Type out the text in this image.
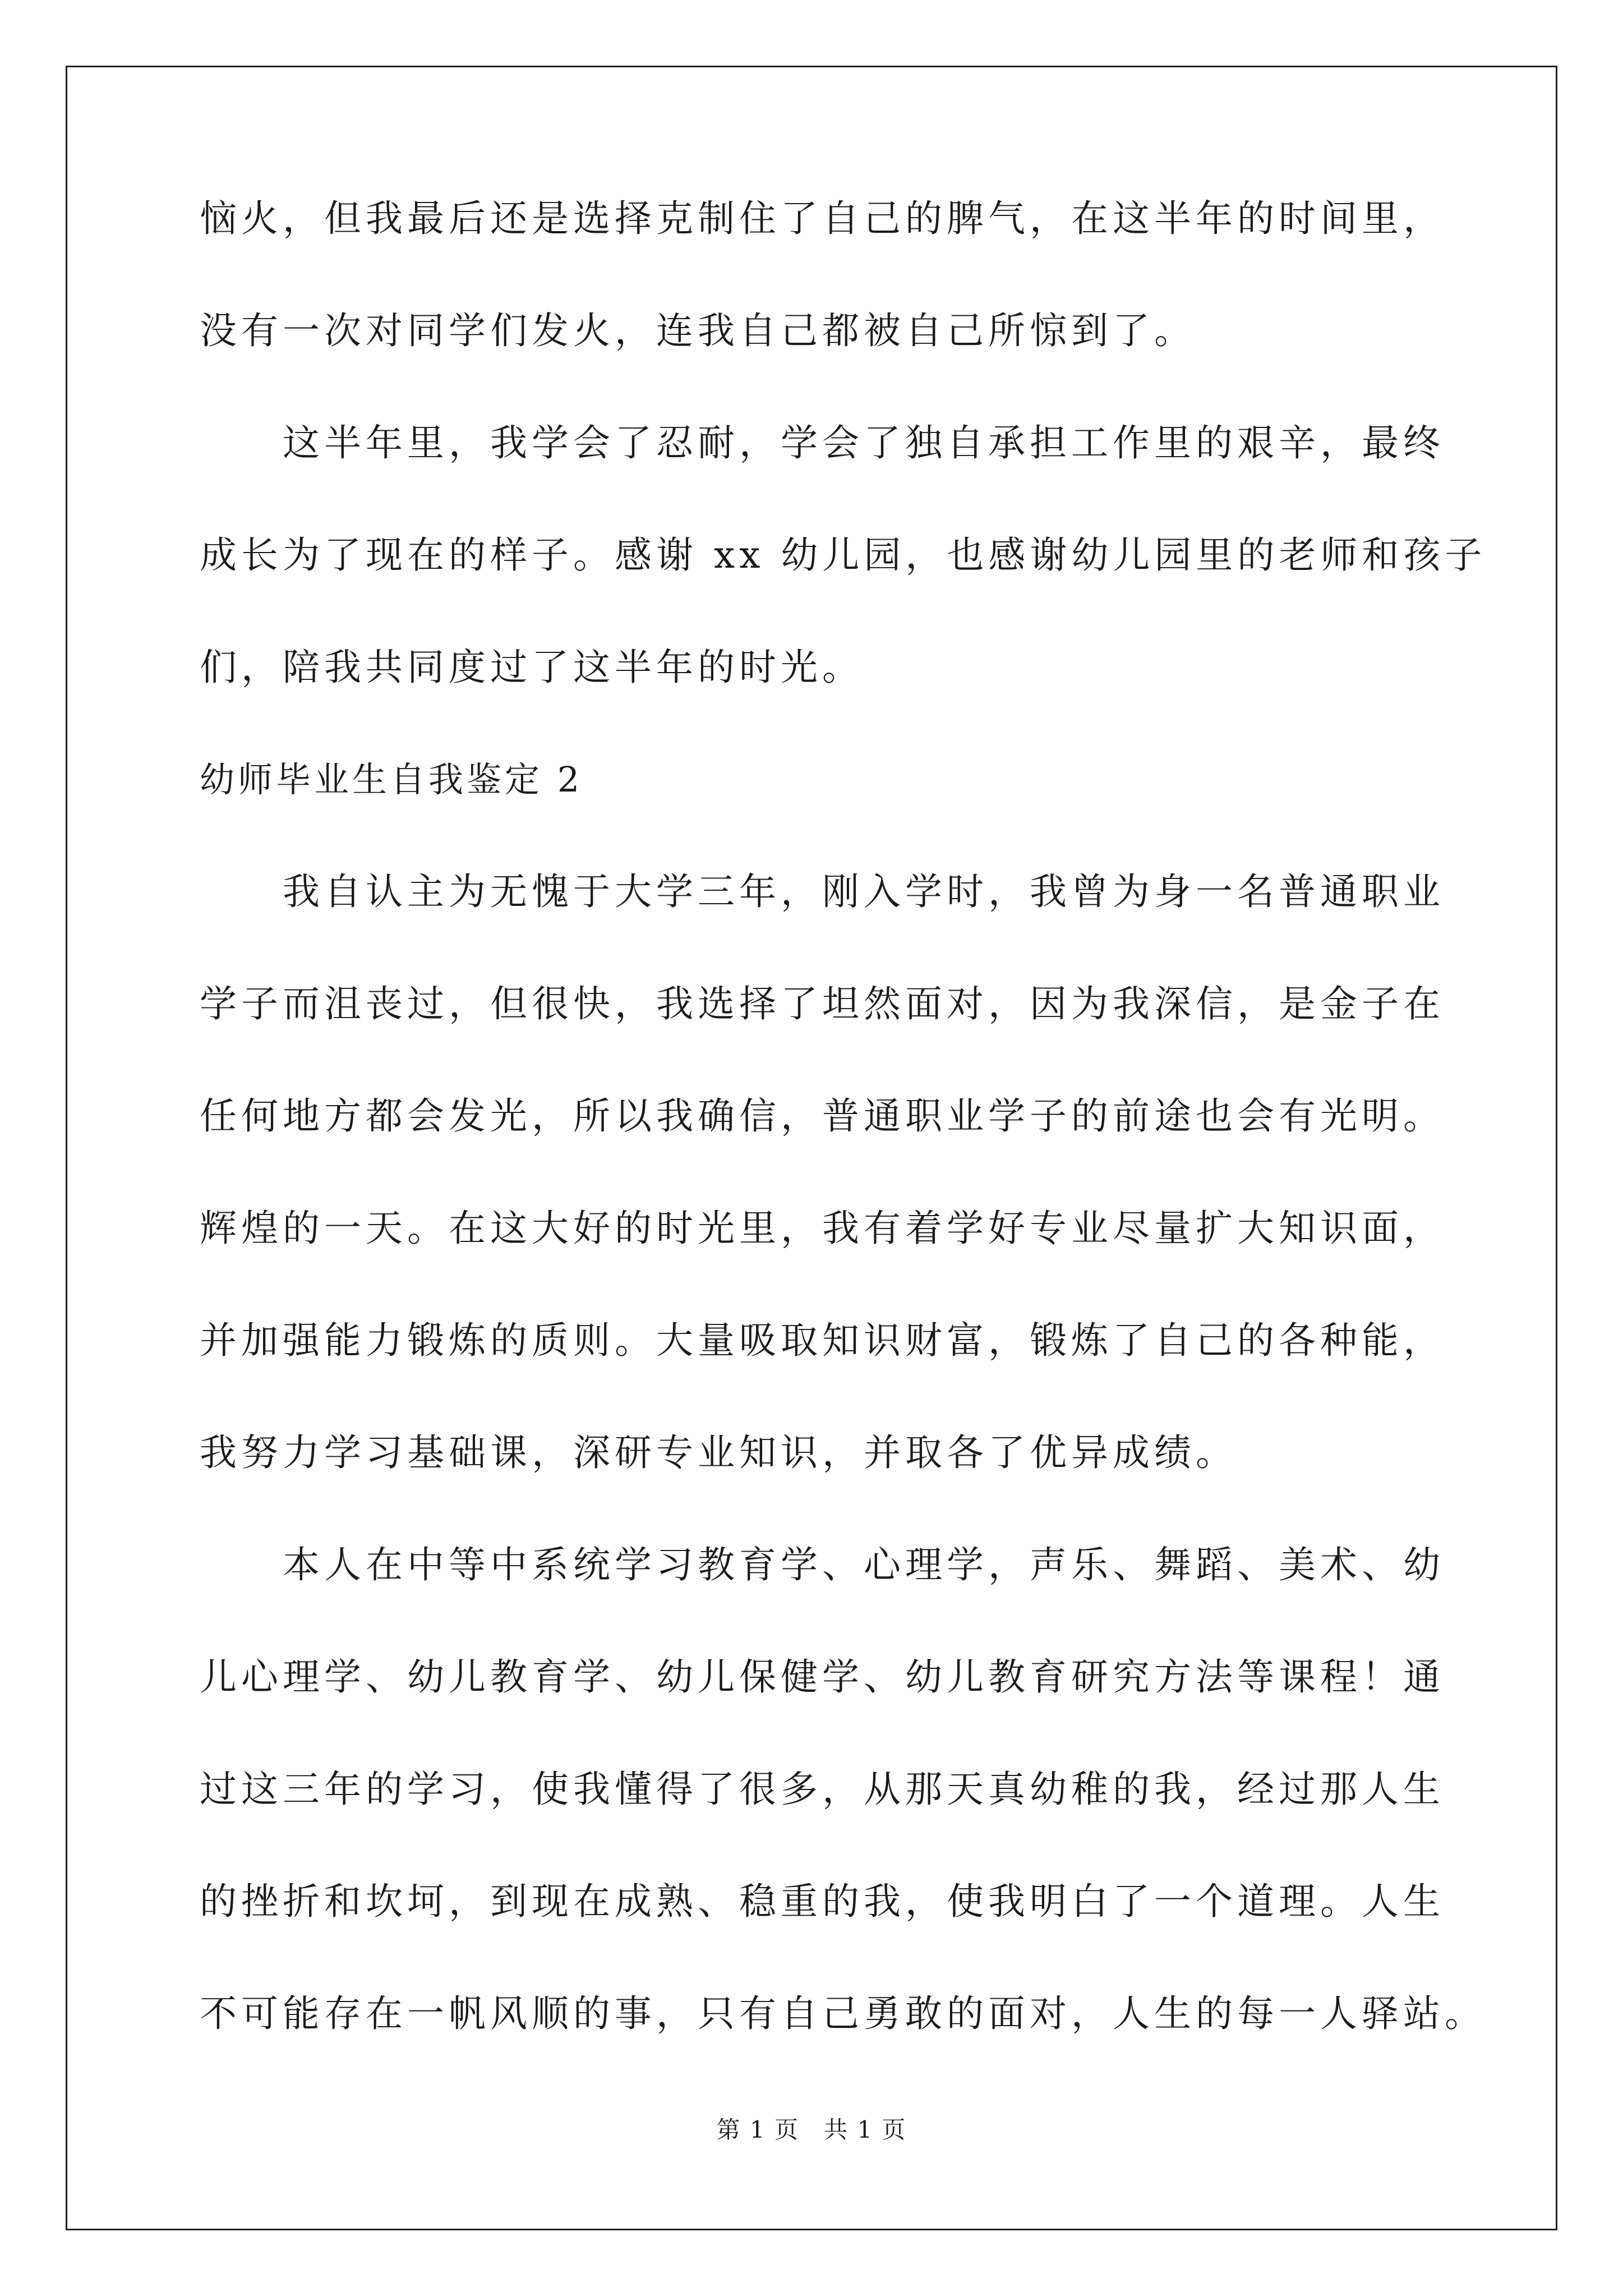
恼火，但我最后还是选择克制住了自己的脾气，在这半年的时间里，
没有一次对同学们发火，连我自己都被自己所惊到了。
这半年里，我学会了忍耐，学会了独自承担工作里的艰辛，最终
成长为了现在的样子。感谢 xx 幼儿园，也感谢幼儿园里的老师和孩子
们，陪我共同度过了这半年的时光。
幼师毕业生自我鉴定 2
我自认主为无愧于大学三年，刚入学时，我曾为身一名普通职业
学子而沮丧过，但很快，我选择了坦然面对，因为我深信，是金子在
任何地方都会发光，所以我确信，普通职业学子的前途也会有光明。
辉煌的一天。在这大好的时光里，我有着学好专业尽量扩大知识面，
并加强能力锻炼的质则。大量吸取知识财富，锻炼了自己的各种能，
我努力学习基础课，深研专业知识，并取各了优异成绩。
本人在中等中系统学习教育学、心理学，声乐、舞蹈、美术、幼
儿心理学、幼儿教育学、幼儿保健学、幼儿教育研究方法等课程！通
过这三年的学习，使我懂得了很多，从那天真幼稚的我，经过那人生
的挫折和坎坷，到现在成熟、稳重的我，使我明白了一个道理。人生
不可能存在一帆风顺的事，只有自己勇敢的面对，人生的每一人驿站。
第 1 页　共 1 页
